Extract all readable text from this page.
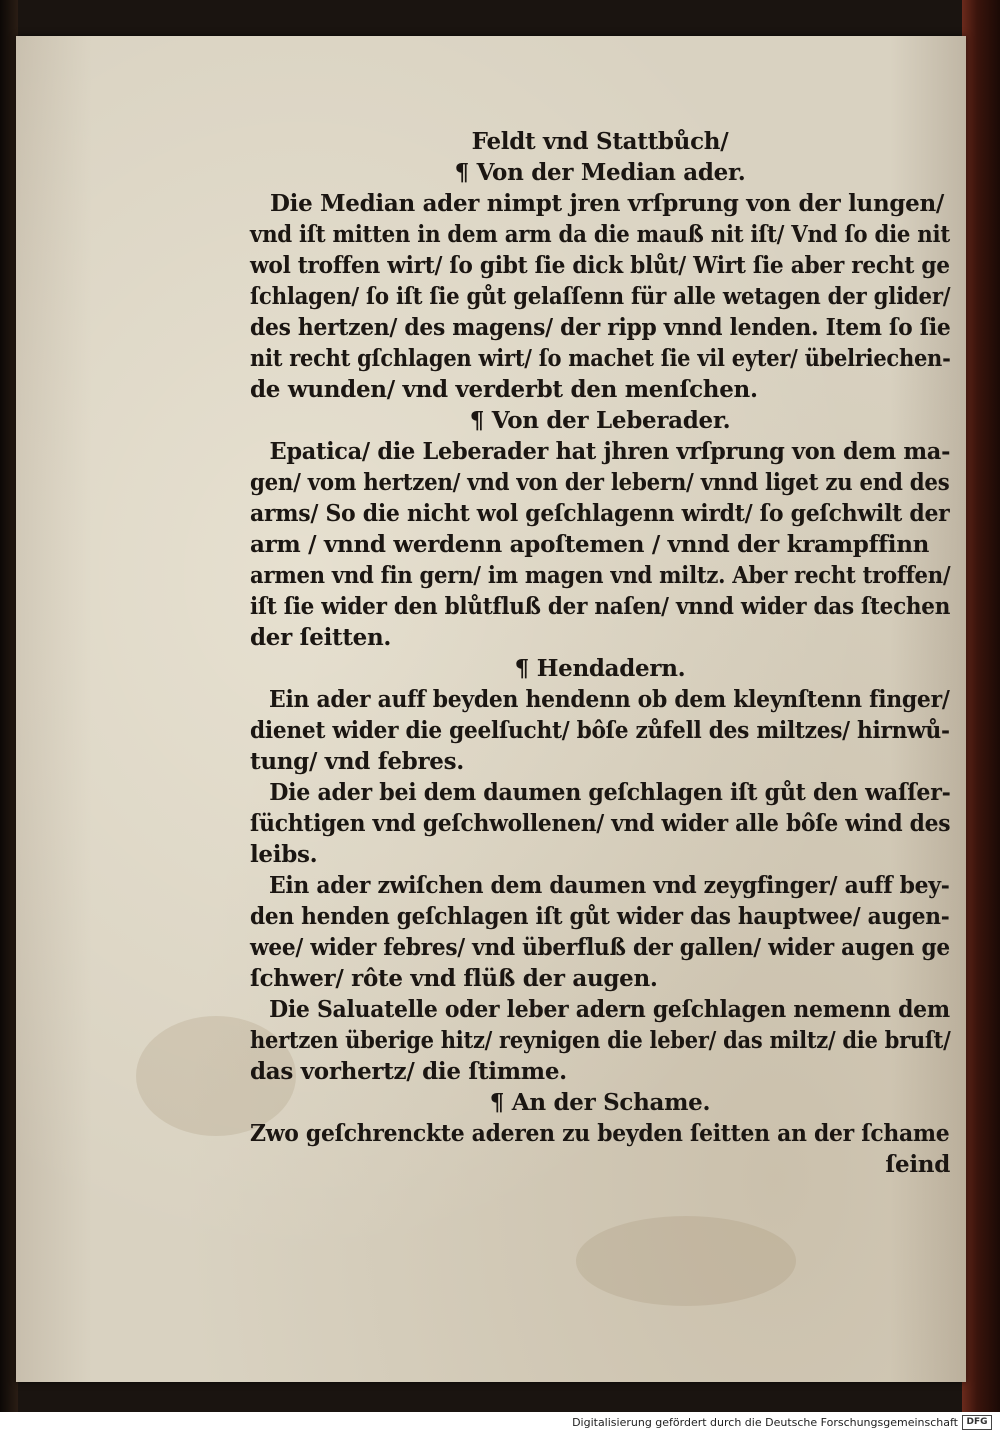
Feldt vnd Stattbůch/
¶ Von der Median ader.
Die Median ader nimpt jren vrſprung von der lungen/
vnd iſt mitten in dem arm da die mauß nit iſt/ Vnd ſo die nit
wol troffen wirt/ ſo gibt ſie dick blůt/ Wirt ſie aber recht ge
ſchlagen/ ſo iſt ſie gůt gelaſſenn für alle wetagen der glider/
des hertzen/ des magens/ der ripp vnnd lenden. Item ſo ſie
nit recht gſchlagen wirt/ ſo machet ſie vil eyter/ übelriechen‑
de wunden/ vnd verderbt den menſchen.
¶ Von der Leberader.
Epatica/ die Leberader hat jhren vrſprung von dem ma‑
gen/ vom hertzen/ vnd von der lebern/ vnnd liget zu end des
arms/ So die nicht wol geſchlagenn wirdt/ ſo geſchwilt der
arm / vnnd werdenn apoſtemen / vnnd der krampffinn
armen vnd fin gern/ im magen vnd miltz. Aber recht troffen/
iſt ſie wider den blůtfluß der naſen/ vnnd wider das ſtechen
der ſeitten.
¶ Hendadern.
Ein ader auff beyden hendenn ob dem kleynſtenn finger/
dienet wider die geelſucht/ bôſe zůfell des miltzes/ hirnwů‑
tung/ vnd febres.
Die ader bei dem daumen geſchlagen iſt gůt den waſſer‑
ſüchtigen vnd geſchwollenen/ vnd wider alle bôſe wind des
leibs.
Ein ader zwiſchen dem daumen vnd zeygfinger/ auff bey‑
den henden geſchlagen iſt gůt wider das hauptwee/ augen‑
wee/ wider febres/ vnd überfluß der gallen/ wider augen ge
ſchwer/ rôte vnd flüß der augen.
Die Saluatelle oder leber adern geſchlagen nemenn dem
hertzen überige hitz/ reynigen die leber/ das miltz/ die bruſt/
das vorhertz/ die ſtimme.
¶ An der Schame.
Zwo geſchrenckte aderen zu beyden ſeitten an der ſchame
ſeind
Digitalisierung gefördert durch die Deutsche Forschungsgemeinschaft DFG
